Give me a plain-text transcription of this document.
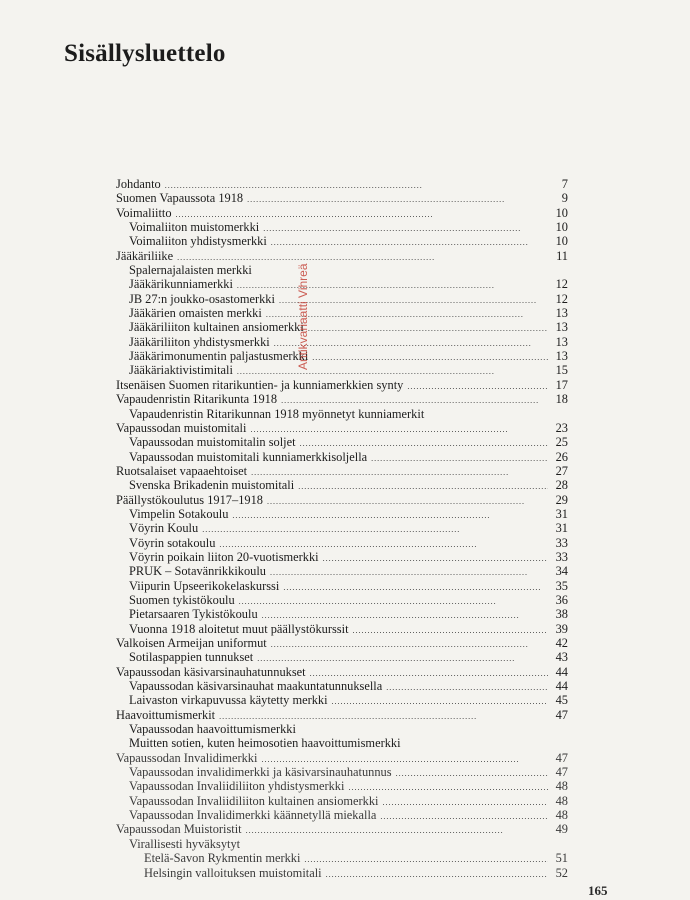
Sisällysluettelo
Johdanto . . .	7
Suomen Vapaussota 1918 . . .	9
Voimaliitto . . .	10
Voimaliiton muistomerkki . . .	10
Voimaliiton yhdistysmerkki . . .	10
Jääkäriliike . . .	11
Spalernajalaisten merkki
Jääkärikunniamerkki . . .	12
JB 27:n joukko-osastomerkki . . .	12
Jääkärien omaisten merkki . . .	13
Jääkäriliiton kultainen ansiomerkki . . .	13
Jääkäriliiton yhdistysmerkki . . .	13
Jääkärimonumentin paljastusmerkki . . .	13
Jääkäriaktivistimitali . . .	15
Itsenäisen Suomen ritarikuntien- ja kunniamerkkien synty . . .	17
Vapaudenristin Ritarikunta 1918 . . .	18
Vapaudenristin Ritarikunnan 1918 myönnetyt kunniamerkit
Vapaussodan muistomitali . . .	23
Vapaussodan muistomitalin soljet . . .	25
Vapaussodan muistomitali kunniamerkkisoljella . . .	26
Ruotsalaiset vapaaehtoiset . . .	27
Svenska Brikadenin muistomitali . . .	28
Päällystökoulutus 1917–1918 . . .	29
Vimpelin Sotakoulu . . .	31
Vöyrin Koulu . . .	31
Vöyrin sotakoulu . . .	33
Vöyrin poikain liiton 20-vuotismerkki . . .	33
PRUK – Sotavänrikkikoulu . . .	34
Viipurin Upseerikokelaskurssi . . .	35
Suomen tykistökoulu . . .	36
Pietarsaaren Tykistökoulu . . .	38
Vuonna 1918 aloitetut muut päällystökurssit . . .	39
Valkoisen Armeijan uniformut . . .	42
Sotilaspappien tunnukset . . .	43
Vapaussodan käsivarsinauhatunnukset . . .	44
Vapaussodan käsivarsinauhat maakuntatunnuksella . . .	44
Laivaston virkapuvussa käytetty merkki . . .	45
Haavoittumismerkit . . .	47
Vapaussodan haavoittumismerkki
Muitten sotien, kuten heimosotien haavoittumismerkki
Vapaussodan Invalidimerkki . . .	47
Vapaussodan invalidimerkki ja käsivarsinauhatunnus . . .	47
Vapaussodan Invaliidiliiton yhdistysmerkki . . .	48
Vapaussodan Invaliidiliiton kultainen ansiomerkki . . .	48
Vapaussodan Invalidimerkki käännetyllä miekalla . . .	48
Vapaussodan Muistoristit . . .	49
Virallisesti hyväksytyt
Etelä-Savon Rykmentin merkki . . .	51
Helsingin valloituksen muistomitali . . .	52
Antikvariaatti Vihreä
165
